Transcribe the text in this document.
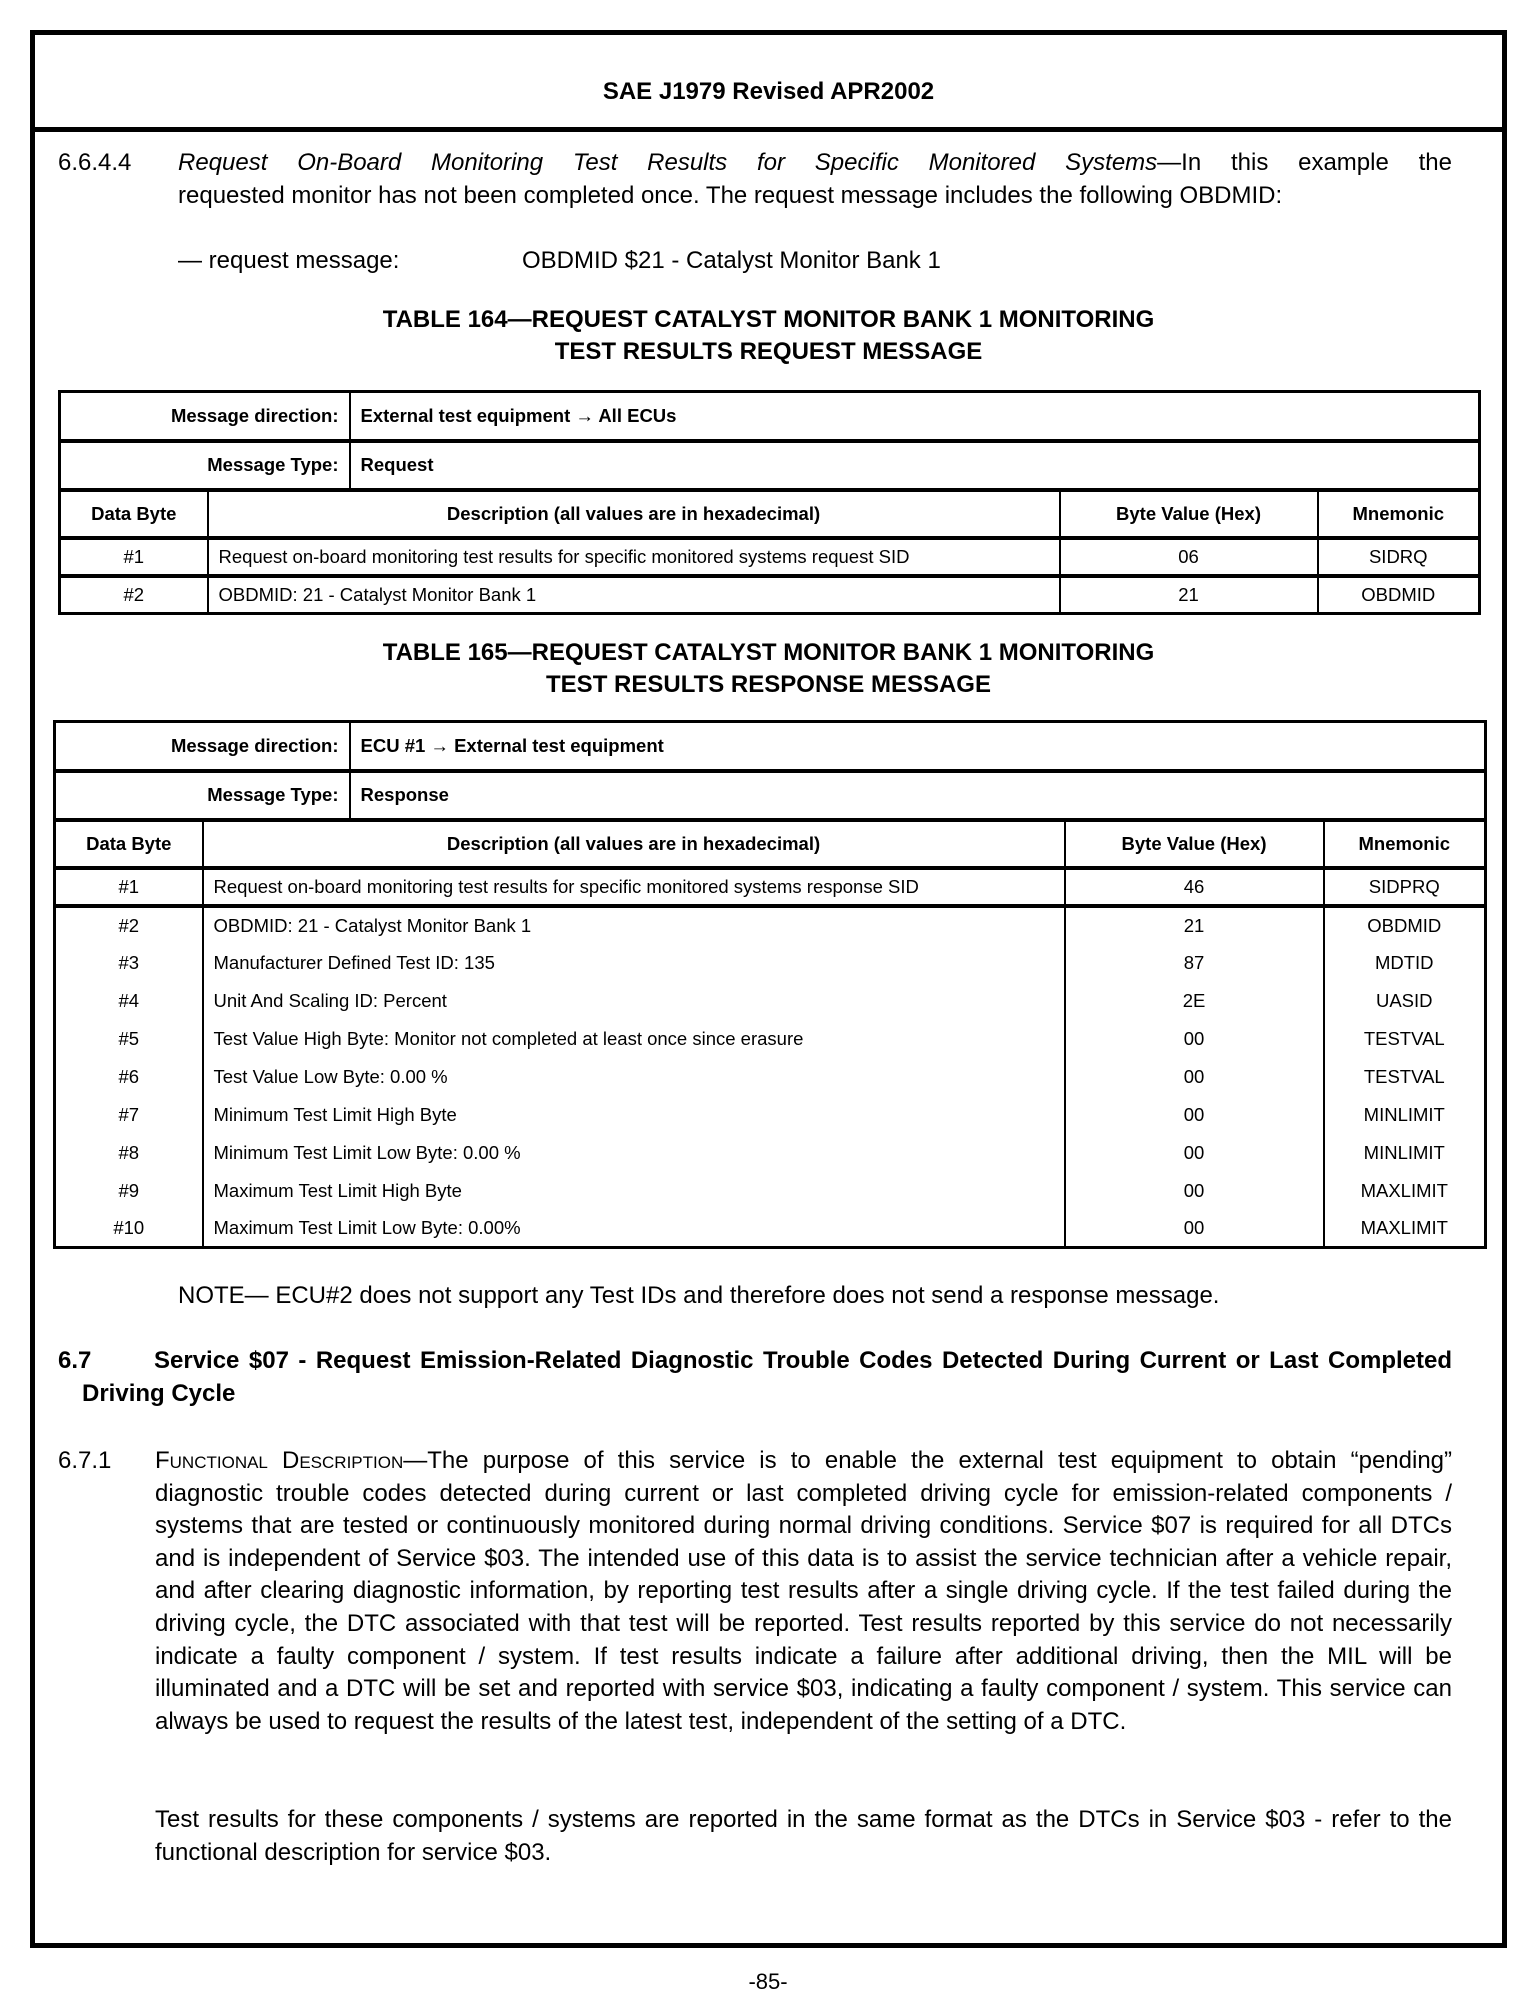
SAE J1979 Revised APR2002
6.6.4.4 Request On-Board Monitoring Test Results for Specific Monitored Systems—In this example the
requested monitor has not been completed once. The request message includes the following OBDMID:
— request message:	OBDMID $21 - Catalyst Monitor Bank 1
TABLE 164—REQUEST CATALYST MONITOR BANK 1 MONITORING
TEST RESULTS REQUEST MESSAGE
Message direction:		External test equipment → All ECUs		
Message Type:		Request		
Data Byte	Description (all values are in hexadecimal)		Byte Value (Hex)	Mnemonic
#1	Request on-board monitoring test results for specific monitored systems request SID		06	SIDRQ
#2	OBDMID: 21 - Catalyst Monitor Bank 1		21	OBDMID
TABLE 165—REQUEST CATALYST MONITOR BANK 1 MONITORING
TEST RESULTS RESPONSE MESSAGE
Message direction:		ECU #1 → External test equipment		
Message Type:		Response		
Data Byte	Description (all values are in hexadecimal)		Byte Value (Hex)	Mnemonic
#1	Request on-board monitoring test results for specific monitored systems response SID		46	SIDPRQ
#2	OBDMID: 21 - Catalyst Monitor Bank 1		21	OBDMID
#3	Manufacturer Defined Test ID: 135		87	MDTID
#4	Unit And Scaling ID: Percent		2E	UASID
#5	Test Value High Byte: Monitor not completed at least once since erasure		00	TESTVAL
#6	Test Value Low Byte: 0.00 %		00	TESTVAL
#7	Minimum Test Limit High Byte		00	MINLIMIT
#8	Minimum Test Limit Low Byte: 0.00 %		00	MINLIMIT
#9	Maximum Test Limit High Byte		00	MAXLIMIT
#10	Maximum Test Limit Low Byte: 0.00%		00	MAXLIMIT
NOTE— ECU#2 does not support any Test IDs and therefore does not send a response message.
6.7	Service $07 - Request Emission-Related Diagnostic Trouble Codes Detected During Current or Last Completed Driving Cycle
6.7.1 Functional Description—The purpose of this service is to enable the external test equipment to obtain “pending” diagnostic trouble codes detected during current or last completed driving cycle for emission-related components / systems that are tested or continuously monitored during normal driving conditions. Service $07 is required for all DTCs and is independent of Service $03. The intended use of this data is to assist the service technician after a vehicle repair, and after clearing diagnostic information, by reporting test results after a single driving cycle. If the test failed during the driving cycle, the DTC associated with that test will be reported. Test results reported by this service do not necessarily indicate a faulty component / system. If test results indicate a failure after additional driving, then the MIL will be illuminated and a DTC will be set and reported with service $03, indicating a faulty component / system. This service can always be used to request the results of the latest test, independent of the setting of a DTC.
Test results for these components / systems are reported in the same format as the DTCs in Service $03 - refer to the functional description for service $03.
-85-
